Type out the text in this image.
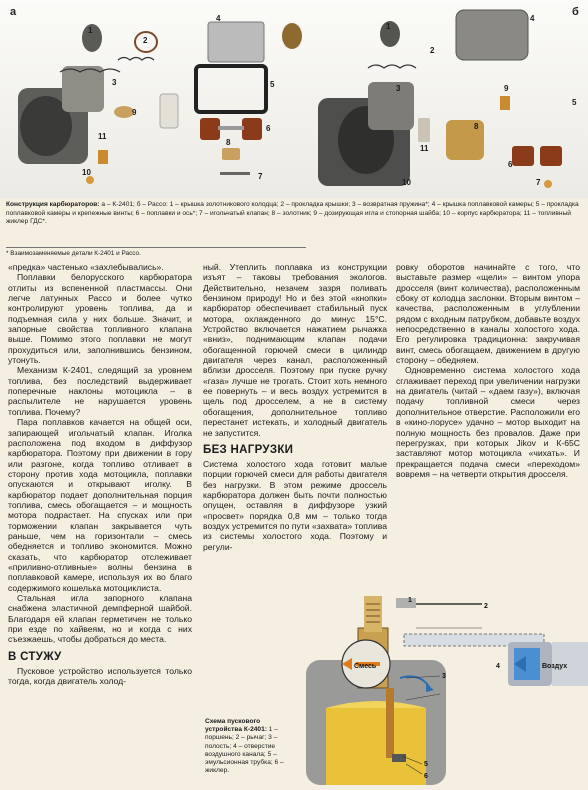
а	б
1
2
3
4
5
6
7
8
9
10
11
1
2
3
4
5
6
7
8
9
10
11
Конструкция карбюраторов: а – К-2401; б – Рассо: 1 – крышка золотникового колодца; 2 – прокладка крышки; 3 – возвратная пружина*; 4 – крышка поплавковой камеры; 5 – прокладка поплавковой камеры и крепежные винты; 6 – поплавки и ось*; 7 – игольчатый клапан; 8 – золотник; 9 – дозирующая игла и стопорная шайба; 10 – корпус карбюратора; 11 – топливный жиклер ГДС*.
* Взаимозаменяемые детали К-2401 и Рассо.

«предка» частенько «захлебывались».

Поплавки белорусского карбюратора отлиты из вспененной пластмассы. Они легче латунных Рассо и более чутко контролируют уровень топлива, да и подъемная сила у них больше. Значит, и запорные свойства топливного клапана выше. Помимо этого поплавки не могут прохудиться или, заполнившись бензином, утонуть.

Механизм К-2401, следящий за уровнем топлива, без последствий выдерживает поперечные наклоны мотоцикла – в распылителе не нарушается уровень топлива. Почему?

Пара поплавков качается на общей оси, запирающей игольчатый клапан. Иголка расположена под входом в диффузор карбюратора. Поэтому при движении в гору или разгоне, когда топливо отливает в сторону против хода мотоцикла, поплавки опускаются и открывают иголку. В карбюратор подает дополнительная порция топлива, смесь обогащается – и мощность мотора подрастает. На спусках или при торможении клапан закрывается чуть раньше, чем на горизонтали – смесь обедняется и топливо экономится. Можно сказать, что карбюратор отслеживает «приливно-отливные» волны бензина в поплавковой камере, используя их во благо содержимого кошелька мотоциклиста.

Стальная игла запорного клапана снабжена эластичной демпферной шайбой. Благодаря ей клапан герметичен не только при езде по хайвеям, но и когда с них съезжаешь, чтобы добраться до места.

В СТУЖУ

Пусковое устройство используется только тогда, когда двигатель холод-

ный. Утеплить поплавка из конструкции изъят – таковы требования экологов. Действительно, незачем зазря поливать бензином природу! Но и без этой «кнопки» карбюратор обеспечивает стабильный пуск мотора, охлажденного до минус 15°С. Устройство включается нажатием рычажка «вниз», поднимающим клапан подачи обогащенной горючей смеси в цилиндр двигателя через канал, расположенный вблизи дросселя. Поэтому при пуске ручку «газа» лучше не трогать. Стоит хоть немного ее повернуть – и весь воздух устремится в щель под дросселем, а не в систему обогащения, дополнительное топливо перестанет истекать, и холодный двигатель не запустится.

БЕЗ НАГРУЗКИ

Система холостого хода готовит малые порции горючей смеси для работы двигателя без нагрузки. В этом режиме дроссель карбюратора должен быть почти полностью опущен, оставляя в диффузоре узкий «просвет» порядка 0,8 мм – только тогда воздух устремится по пути «захвата» топлива из системы холостого хода. Поэтому и регули-

ровку оборотов начинайте с того, что выставьте размер «щели» – винтом упора дросселя (винт количества), расположенным сбоку от колодца заслонки. Вторым винтом – качества, расположенным в углублении рядом с входным патрубком, добавьте воздух непосредственно в каналы холостого хода. Его регулировка традиционна: закручивая винт, смесь обогащаем, движением в другую сторону – обедняем.

Одновременно система холостого хода сглаживает переход при увеличении нагрузки на двигатель (читай – «даем газу»), включая подачу топливной смеси через дополнительное отверстие. Расположили его в «кино-лорусе» удачно – мотор выходит на полную мощность без провалов. Даже при перегрузках, при которых Jikov и К-65С заставляют мотор мотоцикла «чихать». И прекращается подача смеси «переходом» вовремя – на четверти открытия дросселя.

1
2
3
4
5
6
Смесь	Воздух
Схема пускового устройства К-2401: 1 – поршень; 2 – рычаг; 3 – полость; 4 – отверстие воздушного канала; 5 – эмульсионная трубка; 6 – жиклер.
